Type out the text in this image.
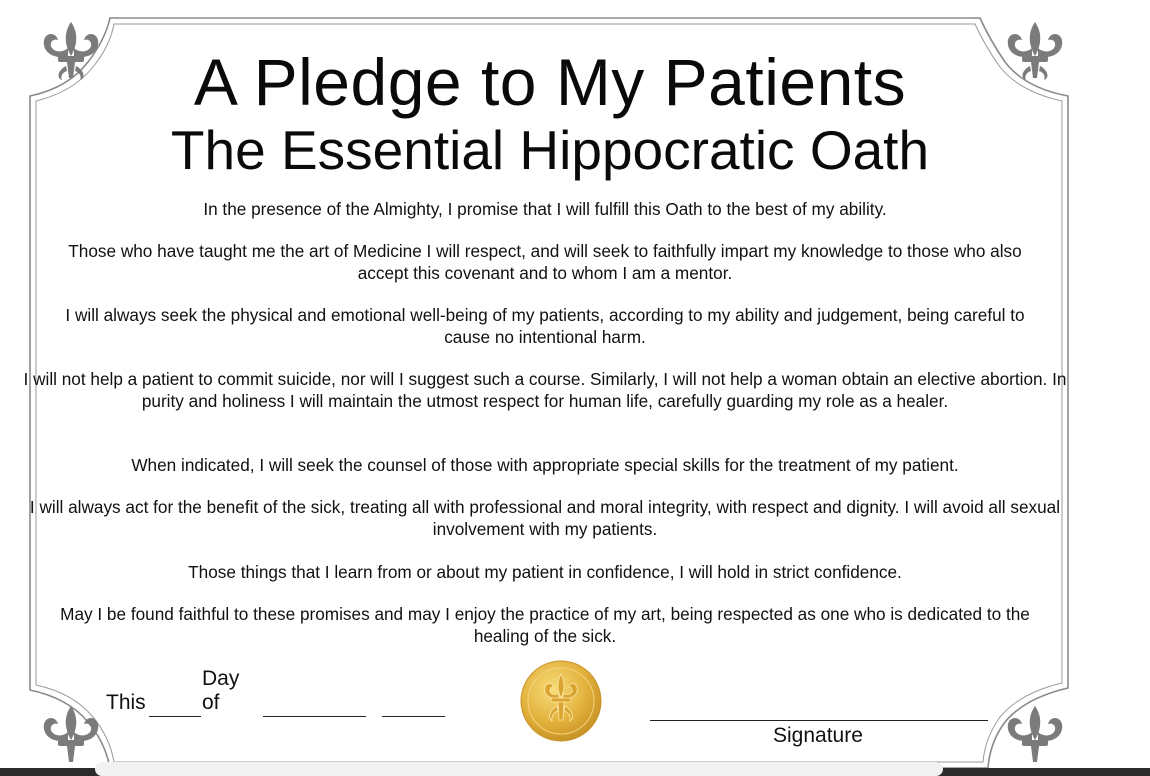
A Pledge to My Patients
The Essential Hippocratic Oath
In the presence of the Almighty, I promise that I will fulfill this Oath to the best of my ability.
Those who have taught me the art of Medicine I will respect, and will seek to faithfully impart my knowledge to those who also accept this covenant and to whom I am a mentor.
I will always seek the physical and emotional well-being of my patients, according to my ability and judgement, being careful to cause no intentional harm.
I will not help a patient to commit suicide, nor will I suggest such a course. Similarly, I will not help a woman obtain an elective abortion. In purity and holiness I will maintain the utmost respect for human life, carefully guarding my role as a healer.
When indicated, I will seek the counsel of those with appropriate special skills for the treatment of my patient.
I will always act for the benefit of the sick, treating all with professional and moral integrity, with respect and dignity. I will avoid all sexual involvement with my patients.
Those things that I learn from or about my patient in confidence, I will hold in strict confidence.
May I be found faithful to these promises and may I enjoy the practice of my art, being respected as one who is dedicated to the healing of the sick.
This
Day
of
Signature
